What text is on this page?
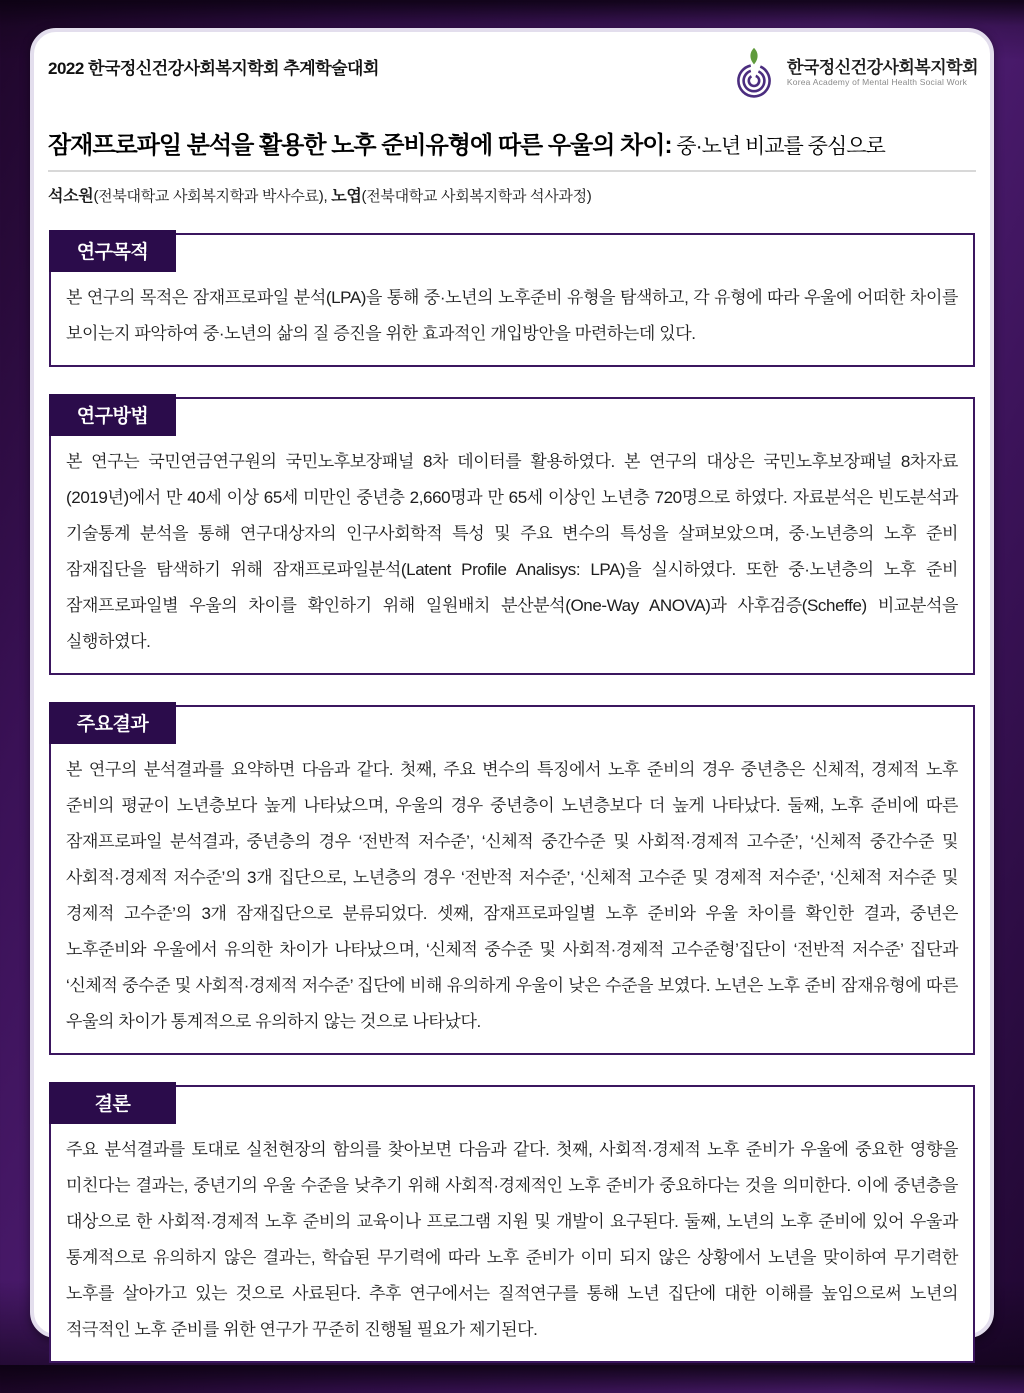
2022 한국정신건강사회복지학회 추계학술대회	한국정신건강사회복지학회
Korea Academy of Mental Health Social Work
잠재프로파일 분석을 활용한 노후 준비유형에 따른 우울의 차이: 중·노년 비교를 중심으로
석소원(전북대학교 사회복지학과 박사수료), 노엽(전북대학교 사회복지학과 석사과정)
연구목적

본 연구의 목적은 잠재프로파일 분석(LPA)을 통해 중·노년의 노후준비 유형을 탐색하고, 각 유형에 따라 우울에 어떠한 차이를 보이는지 파악하여 중·노년의 삶의 질 증진을 위한 효과적인 개입방안을 마련하는데 있다.

연구방법

본 연구는 국민연금연구원의 국민노후보장패널 8차 데이터를 활용하였다. 본 연구의 대상은 국민노후보장패널 8차자료(2019년)에서 만 40세 이상 65세 미만인 중년층 2,660명과 만 65세 이상인 노년층 720명으로 하였다. 자료분석은 빈도분석과 기술통계 분석을 통해 연구대상자의 인구사회학적 특성 및 주요 변수의 특성을 살펴보았으며, 중·노년층의 노후 준비 잠재집단을 탐색하기 위해 잠재프로파일분석(Latent Profile Analisys: LPA)을 실시하였다. 또한 중·노년층의 노후 준비 잠재프로파일별 우울의 차이를 확인하기 위해 일원배치 분산분석(One-Way ANOVA)과 사후검증(Scheffe) 비교분석을 실행하였다.

주요결과

본 연구의 분석결과를 요약하면 다음과 같다. 첫째, 주요 변수의 특징에서 노후 준비의 경우 중년층은 신체적, 경제적 노후 준비의 평균이 노년층보다 높게 나타났으며, 우울의 경우 중년층이 노년층보다 더 높게 나타났다. 둘째, 노후 준비에 따른 잠재프로파일 분석결과, 중년층의 경우 ‘전반적 저수준’, ‘신체적 중간수준 및 사회적·경제적 고수준’, ‘신체적 중간수준 및 사회적·경제적 저수준’의 3개 집단으로, 노년층의 경우 ‘전반적 저수준’, ‘신체적 고수준 및 경제적 저수준’, ‘신체적 저수준 및 경제적 고수준’의 3개 잠재집단으로 분류되었다. 셋째, 잠재프로파일별 노후 준비와 우울 차이를 확인한 결과, 중년은 노후준비와 우울에서 유의한 차이가 나타났으며, ‘신체적 중수준 및 사회적·경제적 고수준형’집단이 ‘전반적 저수준’ 집단과 ‘신체적 중수준 및 사회적·경제적 저수준’ 집단에 비해 유의하게 우울이 낮은 수준을 보였다. 노년은 노후 준비 잠재유형에 따른 우울의 차이가 통계적으로 유의하지 않는 것으로 나타났다.

결론

주요 분석결과를 토대로 실천현장의 함의를 찾아보면 다음과 같다. 첫째, 사회적·경제적 노후 준비가 우울에 중요한 영향을 미친다는 결과는, 중년기의 우울 수준을 낮추기 위해 사회적·경제적인 노후 준비가 중요하다는 것을 의미한다. 이에 중년층을 대상으로 한 사회적·경제적 노후 준비의 교육이나 프로그램 지원 및 개발이 요구된다. 둘째, 노년의 노후 준비에 있어 우울과 통계적으로 유의하지 않은 결과는, 학습된 무기력에 따라 노후 준비가 이미 되지 않은 상황에서 노년을 맞이하여 무기력한 노후를 살아가고 있는 것으로 사료된다. 추후 연구에서는 질적연구를 통해 노년 집단에 대한 이해를 높임으로써 노년의 적극적인 노후 준비를 위한 연구가 꾸준히 진행될 필요가 제기된다.
